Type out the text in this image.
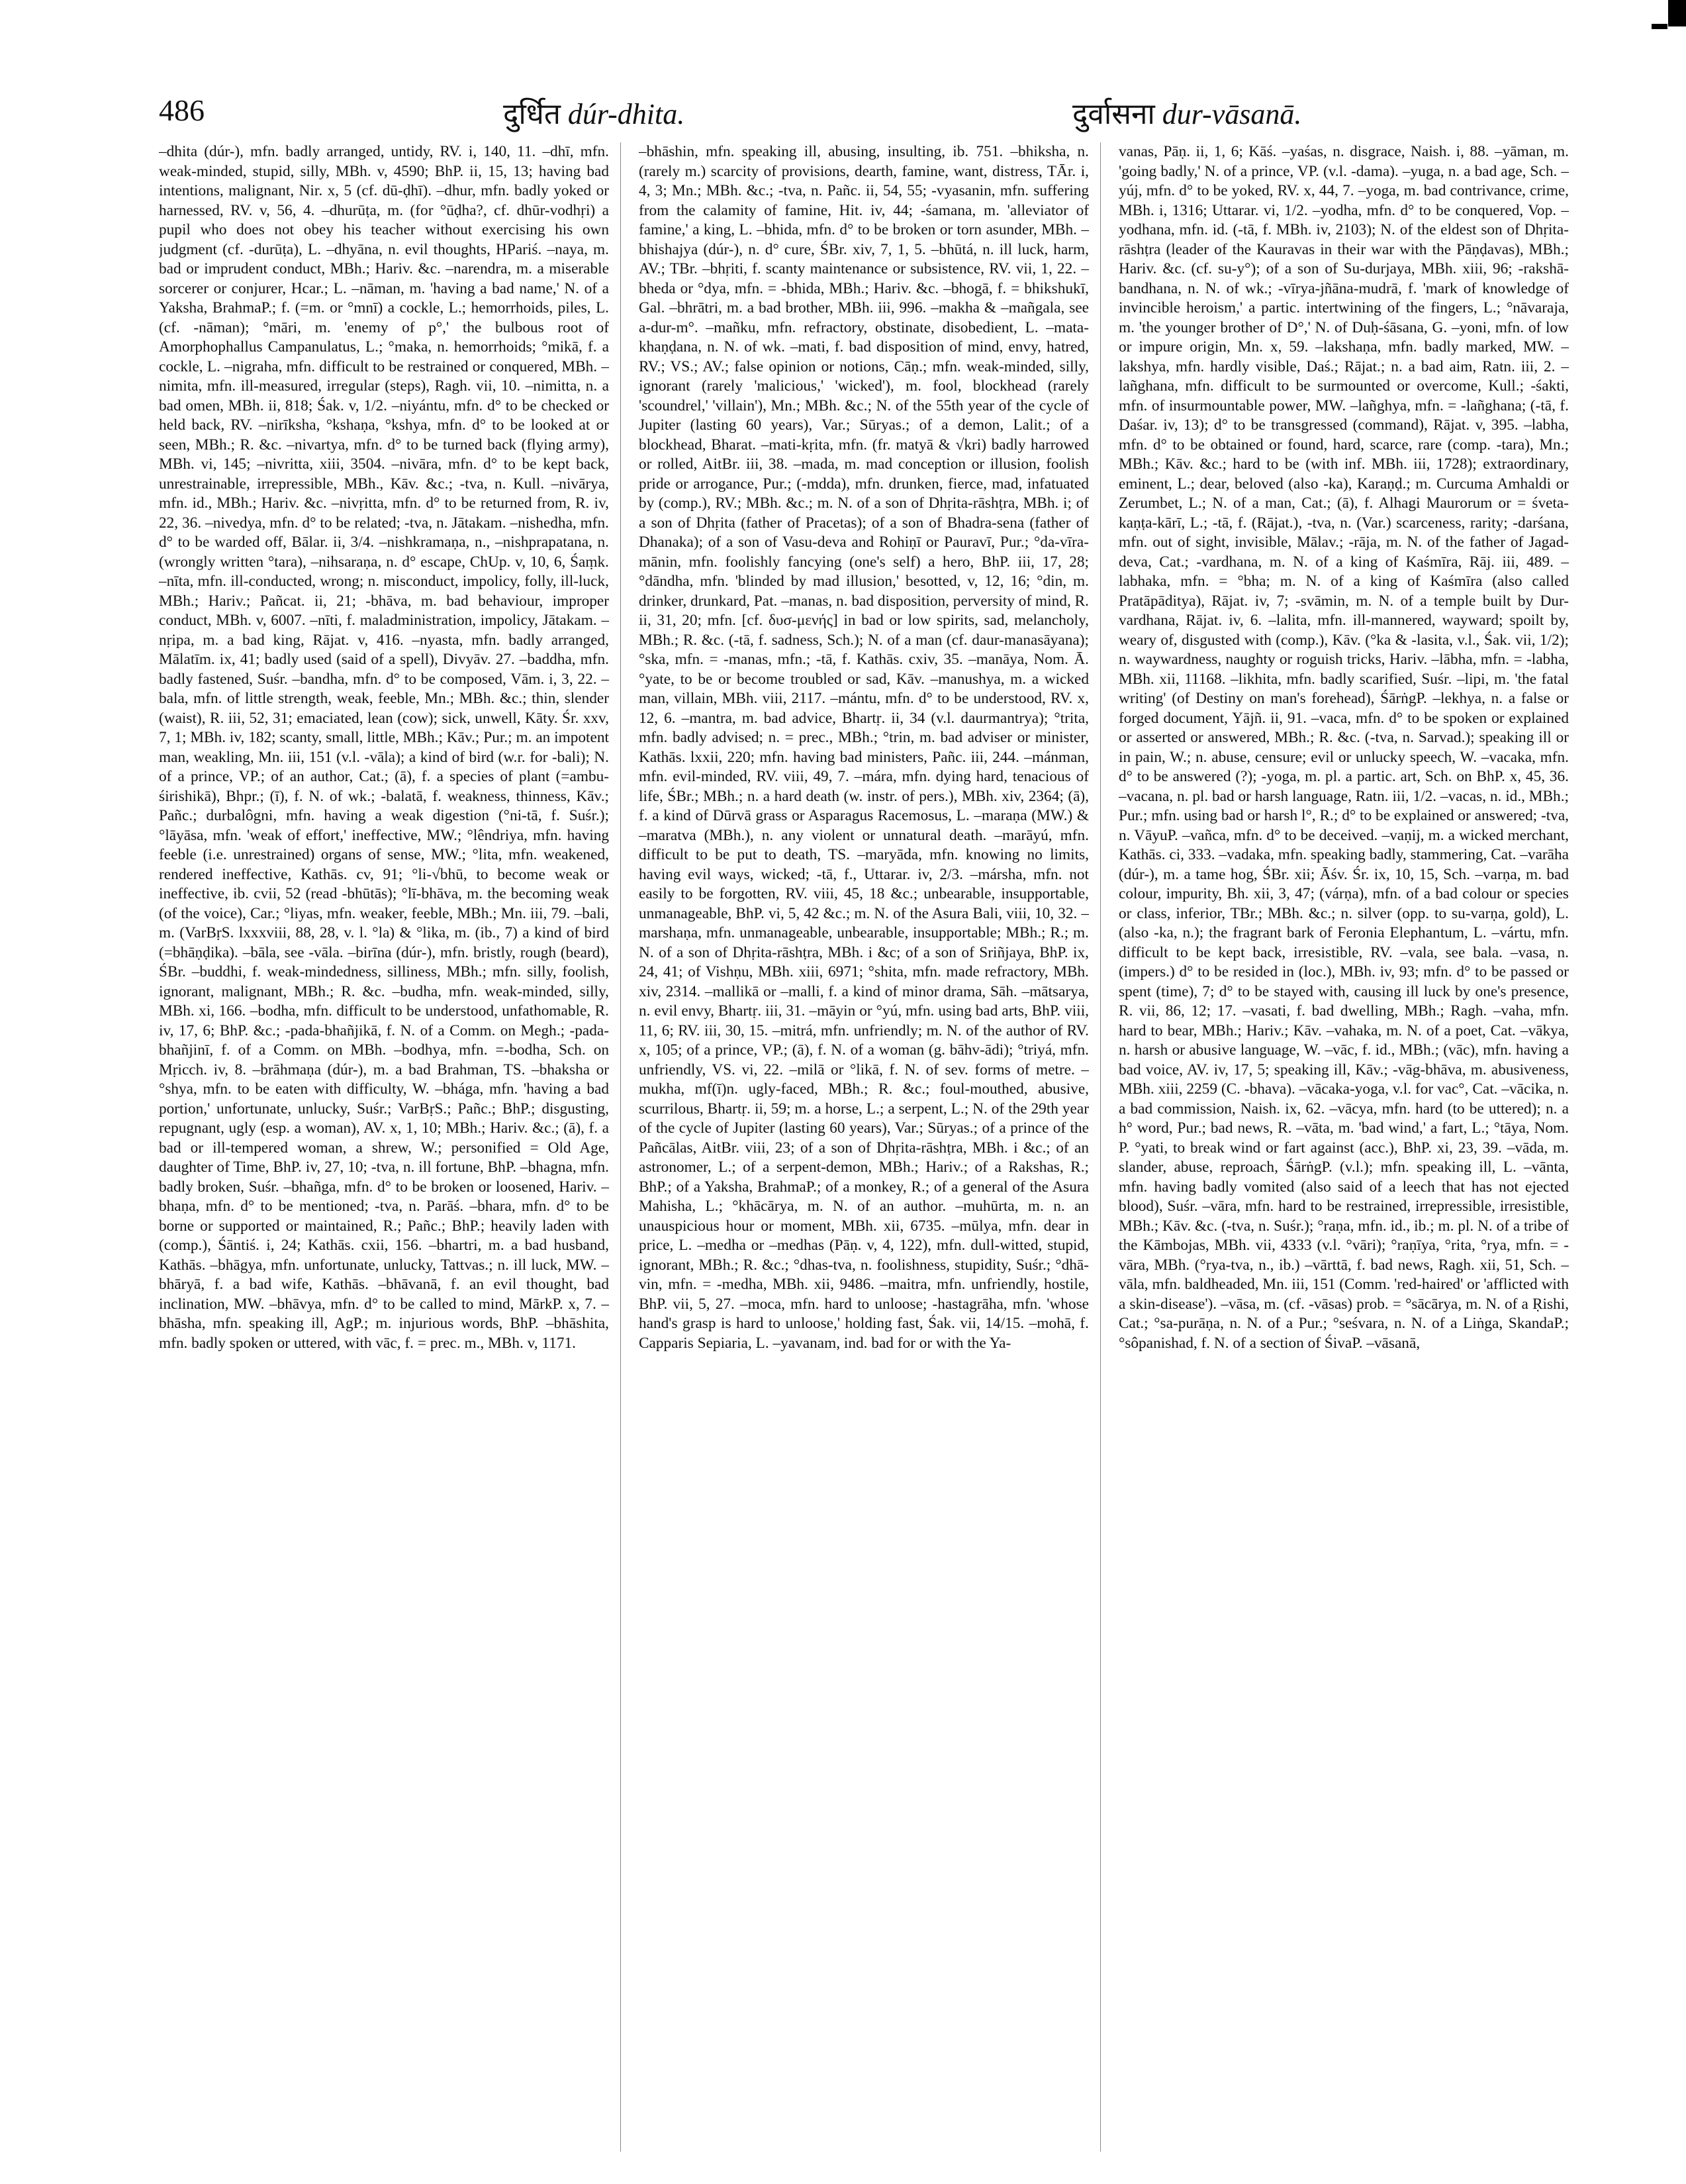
486	दुर्धित dúr-dhita.	दुर्वासना dur-vāsanā.
–dhita (dúr-), mfn. badly arranged, untidy, RV. i, 140, 11. –dhī, mfn. weak-minded, stupid, silly, MBh. v, 4590; BhP. ii, 15, 13; having bad intentions, malignant, Nir. x, 5 (cf. dū-ḍhī). –dhur, mfn. badly yoked or harnessed, RV. v, 56, 4. –dhurūṭa, m. (for °ūḍha?, cf. dhūr-vodhṛi) a pupil who does not obey his teacher without exercising his own judgment (cf. -durūṭa), L. –dhyāna, n. evil thoughts, HPariś. –naya, m. bad or imprudent conduct, MBh.; Hariv. &c. –narendra, m. a miserable sorcerer or conjurer, Hcar.; L. –nāman, m. 'having a bad name,' N. of a Yaksha, BrahmaP.; f. (=m. or °mnī) a cockle, L.; hemorrhoids, piles, L. (cf. -nāman); °māri, m. 'enemy of p°,' the bulbous root of Amorphophallus Campanulatus, L.; °maka, n. hemorrhoids; °mikā, f. a cockle, L. –nigraha, mfn. difficult to be restrained or conquered, MBh. –nimita, mfn. ill-measured, irregular (steps), Ragh. vii, 10. –nimitta, n. a bad omen, MBh. ii, 818; Śak. v, 1/2. –niyántu, mfn. d° to be checked or held back, RV. –nirīksha, °kshaṇa, °kshya, mfn. d° to be looked at or seen, MBh.; R. &c. –nivartya, mfn. d° to be turned back (flying army), MBh. vi, 145; –nivritta, xiii, 3504. –nivāra, mfn. d° to be kept back, unrestrainable, irrepressible, MBh., Kāv. &c.; -tva, n. Kull. –nivārya, mfn. id., MBh.; Hariv. &c. –nivṛitta, mfn. d° to be returned from, R. iv, 22, 36. –nivedya, mfn. d° to be related; -tva, n. Jātakam. –nishedha, mfn. d° to be warded off, Bālar. ii, 3/4. –nishkramaṇa, n., –nishprapatana, n. (wrongly written °tara), –nihsaraṇa, n. d° escape, ChUp. v, 10, 6, Śaṃk. –nīta, mfn. ill-conducted, wrong; n. misconduct, impolicy, folly, ill-luck, MBh.; Hariv.; Pañcat. ii, 21; -bhāva, m. bad behaviour, improper conduct, MBh. v, 6007. –nīti, f. maladministration, impolicy, Jātakam. –nṛipa, m. a bad king, Rājat. v, 416. –nyasta, mfn. badly arranged, Mālatīm. ix, 41; badly used (said of a spell), Divyāv. 27. –baddha, mfn. badly fastened, Suśr. –bandha, mfn. d° to be composed, Vām. i, 3, 22. –bala, mfn. of little strength, weak, feeble, Mn.; MBh. &c.; thin, slender (waist), R. iii, 52, 31; emaciated, lean (cow); sick, unwell, Kāty. Śr. xxv, 7, 1; MBh. iv, 182; scanty, small, little, MBh.; Kāv.; Pur.; m. an impotent man, weakling, Mn. iii, 151 (v.l. -vāla); a kind of bird (w.r. for -bali); N. of a prince, VP.; of an author, Cat.; (ā), f. a species of plant (=ambu-śirishikā), Bhpr.; (ī), f. N. of wk.; -balatā, f. weakness, thinness, Kāv.; Pañc.; durbalôgni, mfn. having a weak digestion (°ni-tā, f. Suśr.); °lāyāsa, mfn. 'weak of effort,' ineffective, MW.; °lêndriya, mfn. having feeble (i.e. unrestrained) organs of sense, MW.; °lita, mfn. weakened, rendered ineffective, Kathās. cv, 91; °li-√bhū, to become weak or ineffective, ib. cvii, 52 (read -bhūtās); °lī-bhāva, m. the becoming weak (of the voice), Car.; °liyas, mfn. weaker, feeble, MBh.; Mn. iii, 79. –bali, m. (VarBṛS. lxxxviii, 88, 28, v. l. °la) & °lika, m. (ib., 7) a kind of bird (=bhāṇḍika). –bāla, see -vāla. –birīna (dúr-), mfn. bristly, rough (beard), ŚBr. –buddhi, f. weak-mindedness, silliness, MBh.; mfn. silly, foolish, ignorant, malignant, MBh.; R. &c. –budha, mfn. weak-minded, silly, MBh. xi, 166. –bodha, mfn. difficult to be understood, unfathomable, R. iv, 17, 6; BhP. &c.; -pada-bhañjikā, f. N. of a Comm. on Megh.; -pada-bhañjinī, f. of a Comm. on MBh. –bodhya, mfn. =-bodha, Sch. on Mṛicch. iv, 8. –brāhmaṇa (dúr-), m. a bad Brahman, TS. –bhaksha or °shya, mfn. to be eaten with difficulty, W. –bhága, mfn. 'having a bad portion,' unfortunate, unlucky, Suśr.; VarBṛS.; Pañc.; BhP.; disgusting, repugnant, ugly (esp. a woman), AV. x, 1, 10; MBh.; Hariv. &c.; (ā), f. a bad or ill-tempered woman, a shrew, W.; personified = Old Age, daughter of Time, BhP. iv, 27, 10; -tva, n. ill fortune, BhP. –bhagna, mfn. badly broken, Suśr. –bhañga, mfn. d° to be broken or loosened, Hariv. –bhaṇa, mfn. d° to be mentioned; -tva, n. Parāś. –bhara, mfn. d° to be borne or supported or maintained, R.; Pañc.; BhP.; heavily laden with (comp.), Śāntiś. i, 24; Kathās. cxii, 156. –bhartri, m. a bad husband, Kathās. –bhāgya, mfn. unfortunate, unlucky, Tattvas.; n. ill luck, MW. –bhāryā, f. a bad wife, Kathās. –bhāvanā, f. an evil thought, bad inclination, MW. –bhāvya, mfn. d° to be called to mind, MārkP. x, 7. –bhāsha, mfn. speaking ill, AgP.; m. injurious words, BhP. –bhāshita, mfn. badly spoken or uttered, with vāc, f. = prec. m., MBh. v, 1171.
–bhāshin, mfn. speaking ill, abusing, insulting, ib. 751. –bhiksha, n. (rarely m.) scarcity of provisions, dearth, famine, want, distress, TĀr. i, 4, 3; Mn.; MBh. &c.; -tva, n. Pañc. ii, 54, 55; -vyasanin, mfn. suffering from the calamity of famine, Hit. iv, 44; -śamana, m. 'alleviator of famine,' a king, L. –bhida, mfn. d° to be broken or torn asunder, MBh. –bhishajya (dúr-), n. d° cure, ŚBr. xiv, 7, 1, 5. –bhūtá, n. ill luck, harm, AV.; TBr. –bhṛiti, f. scanty maintenance or subsistence, RV. vii, 1, 22. –bheda or °dya, mfn. = -bhida, MBh.; Hariv. &c. –bhogā, f. = bhikshukī, Gal. –bhrātri, m. a bad brother, MBh. iii, 996. –makha & –mañgala, see a-dur-m°. –mañku, mfn. refractory, obstinate, disobedient, L. –mata-khaṇḍana, n. N. of wk. –mati, f. bad disposition of mind, envy, hatred, RV.; VS.; AV.; false opinion or notions, Cāṇ.; mfn. weak-minded, silly, ignorant (rarely 'malicious,' 'wicked'), m. fool, blockhead (rarely 'scoundrel,' 'villain'), Mn.; MBh. &c.; N. of the 55th year of the cycle of Jupiter (lasting 60 years), Var.; Sūryas.; of a demon, Lalit.; of a blockhead, Bharat. –mati-kṛita, mfn. (fr. matyā & √kri) badly harrowed or rolled, AitBr. iii, 38. –mada, m. mad conception or illusion, foolish pride or arrogance, Pur.; (-mdda), mfn. drunken, fierce, mad, infatuated by (comp.), RV.; MBh. &c.; m. N. of a son of Dhṛita-rāshṭra, MBh. i; of a son of Dhṛita (father of Pracetas); of a son of Bhadra-sena (father of Dhanaka); of a son of Vasu-deva and Rohiṇī or Pauravī, Pur.; °da-vīra-mānin, mfn. foolishly fancying (one's self) a hero, BhP. iii, 17, 28; °dāndha, mfn. 'blinded by mad illusion,' besotted, v, 12, 16; °din, m. drinker, drunkard, Pat. –manas, n. bad disposition, perversity of mind, R. ii, 31, 20; mfn. [cf. δυσ-μενής] in bad or low spirits, sad, melancholy, MBh.; R. &c. (-tā, f. sadness, Sch.); N. of a man (cf. daur-manasāyana); °ska, mfn. = -manas, mfn.; -tā, f. Kathās. cxiv, 35. –manāya, Nom. Ā. °yate, to be or become troubled or sad, Kāv. –manushya, m. a wicked man, villain, MBh. viii, 2117. –mántu, mfn. d° to be understood, RV. x, 12, 6. –mantra, m. bad advice, Bhartṛ. ii, 34 (v.l. daurmantrya); °trita, mfn. badly advised; n. = prec., MBh.; °trin, m. bad adviser or minister, Kathās. lxxii, 220; mfn. having bad ministers, Pañc. iii, 244. –mánman, mfn. evil-minded, RV. viii, 49, 7. –mára, mfn. dying hard, tenacious of life, ŚBr.; MBh.; n. a hard death (w. instr. of pers.), MBh. xiv, 2364; (ā), f. a kind of Dūrvā grass or Asparagus Racemosus, L. –maraṇa (MW.) & –maratva (MBh.), n. any violent or unnatural death. –marāyú, mfn. difficult to be put to death, TS. –maryāda, mfn. knowing no limits, having evil ways, wicked; -tā, f., Uttarar. iv, 2/3. –mársha, mfn. not easily to be forgotten, RV. viii, 45, 18 &c.; unbearable, insupportable, unmanageable, BhP. vi, 5, 42 &c.; m. N. of the Asura Bali, viii, 10, 32. –marshaṇa, mfn. unmanageable, unbearable, insupportable; MBh.; R.; m. N. of a son of Dhṛita-rāshṭra, MBh. i &c; of a son of Sriñjaya, BhP. ix, 24, 41; of Vishṇu, MBh. xiii, 6971; °shita, mfn. made refractory, MBh. xiv, 2314. –mallikā or –malli, f. a kind of minor drama, Sāh. –mātsarya, n. evil envy, Bhartṛ. iii, 31. –māyin or °yú, mfn. using bad arts, BhP. viii, 11, 6; RV. iii, 30, 15. –mitrá, mfn. unfriendly; m. N. of the author of RV. x, 105; of a prince, VP.; (ā), f. N. of a woman (g. bāhv-ādi); °triyá, mfn. unfriendly, VS. vi, 22. –milā or °likā, f. N. of sev. forms of metre. –mukha, mf(ī)n. ugly-faced, MBh.; R. &c.; foul-mouthed, abusive, scurrilous, Bhartṛ. ii, 59; m. a horse, L.; a serpent, L.; N. of the 29th year of the cycle of Jupiter (lasting 60 years), Var.; Sūryas.; of a prince of the Pañcālas, AitBr. viii, 23; of a son of Dhṛita-rāshṭra, MBh. i &c.; of an astronomer, L.; of a serpent-demon, MBh.; Hariv.; of a Rakshas, R.; BhP.; of a Yaksha, BrahmaP.; of a monkey, R.; of a general of the Asura Mahisha, L.; °khācārya, m. N. of an author. –muhūrta, m. n. an unauspicious hour or moment, MBh. xii, 6735. –mūlya, mfn. dear in price, L. –medha or –medhas (Pāṇ. v, 4, 122), mfn. dull-witted, stupid, ignorant, MBh.; R. &c.; °dhas-tva, n. foolishness, stupidity, Suśr.; °dhā-vin, mfn. = -medha, MBh. xii, 9486. –maitra, mfn. unfriendly, hostile, BhP. vii, 5, 27. –moca, mfn. hard to unloose; -hastagrāha, mfn. 'whose hand's grasp is hard to unloose,' holding fast, Śak. vii, 14/15. –mohā, f. Capparis Sepiaria, L. –yavanam, ind. bad for or with the Ya-
vanas, Pāṇ. ii, 1, 6; Kāś. –yaśas, n. disgrace, Naish. i, 88. –yāman, m. 'going badly,' N. of a prince, VP. (v.l. -dama). –yuga, n. a bad age, Sch. –yúj, mfn. d° to be yoked, RV. x, 44, 7. –yoga, m. bad contrivance, crime, MBh. i, 1316; Uttarar. vi, 1/2. –yodha, mfn. d° to be conquered, Vop. –yodhana, mfn. id. (-tā, f. MBh. iv, 2103); N. of the eldest son of Dhṛita-rāshṭra (leader of the Kauravas in their war with the Pāṇḍavas), MBh.; Hariv. &c. (cf. su-y°); of a son of Su-durjaya, MBh. xiii, 96; -rakshā-bandhana, n. N. of wk.; -vīrya-jñāna-mudrā, f. 'mark of knowledge of invincible heroism,' a partic. intertwining of the fingers, L.; °nāvaraja, m. 'the younger brother of D°,' N. of Duḥ-śāsana, G. –yoni, mfn. of low or impure origin, Mn. x, 59. –lakshaṇa, mfn. badly marked, MW. –lakshya, mfn. hardly visible, Daś.; Rājat.; n. a bad aim, Ratn. iii, 2. –lañghana, mfn. difficult to be surmounted or overcome, Kull.; -śakti, mfn. of insurmountable power, MW. –lañghya, mfn. = -lañghana; (-tā, f. Daśar. iv, 13); d° to be transgressed (command), Rājat. v, 395. –labha, mfn. d° to be obtained or found, hard, scarce, rare (comp. -tara), Mn.; MBh.; Kāv. &c.; hard to be (with inf. MBh. iii, 1728); extraordinary, eminent, L.; dear, beloved (also -ka), Karaṇḍ.; m. Curcuma Amhaldi or Zerumbet, L.; N. of a man, Cat.; (ā), f. Alhagi Maurorum or = śveta-kaṇṭa-kārī, L.; -tā, f. (Rājat.), -tva, n. (Var.) scarceness, rarity; -darśana, mfn. out of sight, invisible, Mālav.; -rāja, m. N. of the father of Jagad-deva, Cat.; -vardhana, m. N. of a king of Kaśmīra, Rāj. iii, 489. –labhaka, mfn. = °bha; m. N. of a king of Kaśmīra (also called Pratāpāditya), Rājat. iv, 7; -svāmin, m. N. of a temple built by Dur-vardhana, Rājat. iv, 6. –lalita, mfn. ill-mannered, wayward; spoilt by, weary of, disgusted with (comp.), Kāv. (°ka & -lasita, v.l., Śak. vii, 1/2); n. waywardness, naughty or roguish tricks, Hariv. –lābha, mfn. = -labha, MBh. xii, 11168. –likhita, mfn. badly scarified, Suśr. –lipi, m. 'the fatal writing' (of Destiny on man's forehead), ŚārṅgP. –lekhya, n. a false or forged document, Yājñ. ii, 91. –vaca, mfn. d° to be spoken or explained or asserted or answered, MBh.; R. &c. (-tva, n. Sarvad.); speaking ill or in pain, W.; n. abuse, censure; evil or unlucky speech, W. –vacaka, mfn. d° to be answered (?); -yoga, m. pl. a partic. art, Sch. on BhP. x, 45, 36. –vacana, n. pl. bad or harsh language, Ratn. iii, 1/2. –vacas, n. id., MBh.; Pur.; mfn. using bad or harsh l°, R.; d° to be explained or answered; -tva, n. VāyuP. –vañca, mfn. d° to be deceived. –vaṇij, m. a wicked merchant, Kathās. ci, 333. –vadaka, mfn. speaking badly, stammering, Cat. –varāha (dúr-), m. a tame hog, ŚBr. xii; Āśv. Śr. ix, 10, 15, Sch. –varṇa, m. bad colour, impurity, Bh. xii, 3, 47; (várṇa), mfn. of a bad colour or species or class, inferior, TBr.; MBh. &c.; n. silver (opp. to su-varṇa, gold), L. (also -ka, n.); the fragrant bark of Feronia Elephantum, L. –vártu, mfn. difficult to be kept back, irresistible, RV. –vala, see bala. –vasa, n. (impers.) d° to be resided in (loc.), MBh. iv, 93; mfn. d° to be passed or spent (time), 7; d° to be stayed with, causing ill luck by one's presence, R. vii, 86, 12; 17. –vasati, f. bad dwelling, MBh.; Ragh. –vaha, mfn. hard to bear, MBh.; Hariv.; Kāv. –vahaka, m. N. of a poet, Cat. –vākya, n. harsh or abusive language, W. –vāc, f. id., MBh.; (vāc), mfn. having a bad voice, AV. iv, 17, 5; speaking ill, Kāv.; -vāg-bhāva, m. abusiveness, MBh. xiii, 2259 (C. -bhava). –vācaka-yoga, v.l. for vac°, Cat. –vācika, n. a bad commission, Naish. ix, 62. –vācya, mfn. hard (to be uttered); n. a h° word, Pur.; bad news, R. –vāta, m. 'bad wind,' a fart, L.; °tāya, Nom. P. °yati, to break wind or fart against (acc.), BhP. xi, 23, 39. –vāda, m. slander, abuse, reproach, ŚārṅgP. (v.l.); mfn. speaking ill, L. –vānta, mfn. having badly vomited (also said of a leech that has not ejected blood), Suśr. –vāra, mfn. hard to be restrained, irrepressible, irresistible, MBh.; Kāv. &c. (-tva, n. Suśr.); °raṇa, mfn. id., ib.; m. pl. N. of a tribe of the Kāmbojas, MBh. vii, 4333 (v.l. °vāri); °raṇīya, °rita, °rya, mfn. = -vāra, MBh. (°rya-tva, n., ib.) –vārttā, f. bad news, Ragh. xii, 51, Sch. –vāla, mfn. baldheaded, Mn. iii, 151 (Comm. 'red-haired' or 'afflicted with a skin-disease'). –vāsa, m. (cf. -vāsas) prob. = °sācārya, m. N. of a Ṛishi, Cat.; °sa-purāṇa, n. N. of a Pur.; °seśvara, n. N. of a Liṅga, SkandaP.; °sôpanishad, f. N. of a section of ŚivaP. –vāsanā,
